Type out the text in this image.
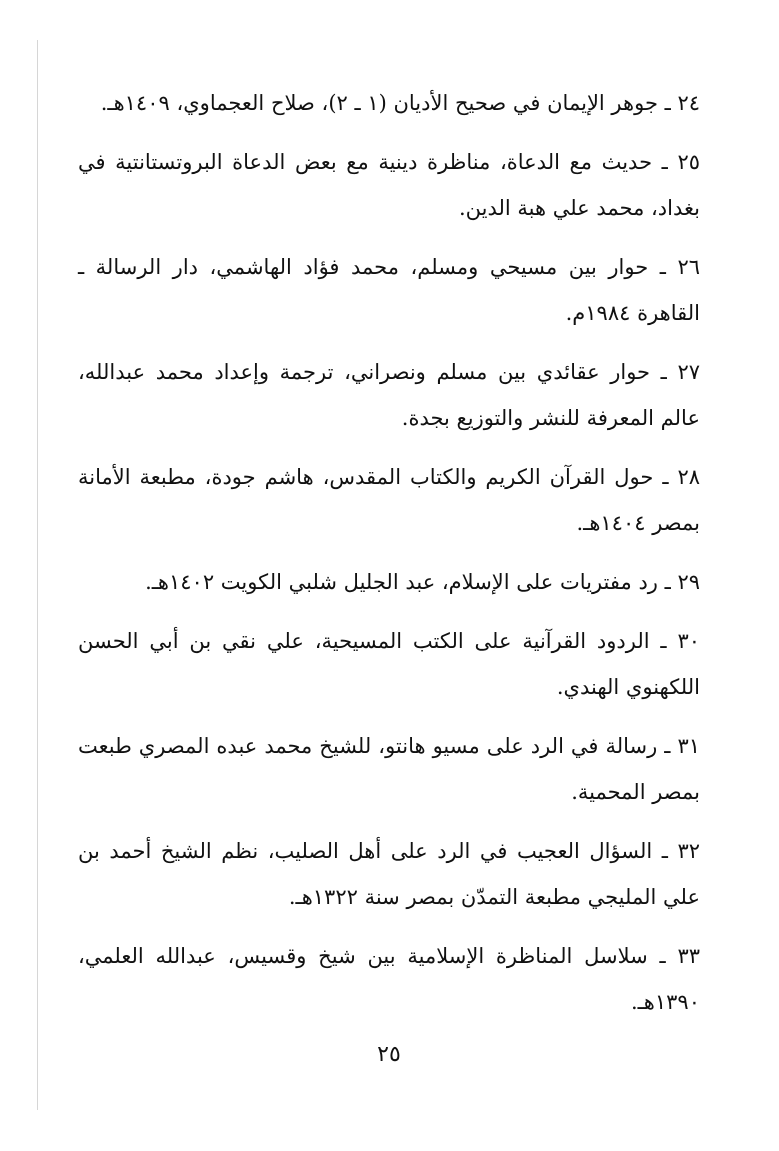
٢٤ ـ جوهر الإيمان في صحيح الأديان (١ ـ ٢)، صلاح العجماوي، ١٤٠٩هـ.

٢٥ ـ حديث مع الدعاة، مناظرة دينية مع بعض الدعاة البروتستانتية في بغداد، محمد علي هبة الدين.

٢٦ ـ حوار بين مسيحي ومسلم، محمد فؤاد الهاشمي، دار الرسالة ـ القاهرة ١٩٨٤م.

٢٧ ـ حوار عقائدي بين مسلم ونصراني، ترجمة وإعداد محمد عبدالله، عالم المعرفة للنشر والتوزيع بجدة.

٢٨ ـ حول القرآن الكريم والكتاب المقدس، هاشم جودة، مطبعة الأمانة بمصر ١٤٠٤هـ.

٢٩ ـ رد مفتريات على الإسلام، عبد الجليل شلبي الكويت ١٤٠٢هـ.

٣٠ ـ الردود القرآنية على الكتب المسيحية، علي نقي بن أبي الحسن اللكهنوي الهندي.

٣١ ـ رسالة في الرد على مسيو هانتو، للشيخ محمد عبده المصري طبعت بمصر المحمية.

٣٢ ـ السؤال العجيب في الرد على أهل الصليب، نظم الشيخ أحمد بن علي المليجي مطبعة التمدّن بمصر سنة ١٣٢٢هـ.

٣٣ ـ سلاسل المناظرة الإسلامية بين شيخ وقسيس، عبدالله العلمي، ١٣٩٠هـ.

٢٥
